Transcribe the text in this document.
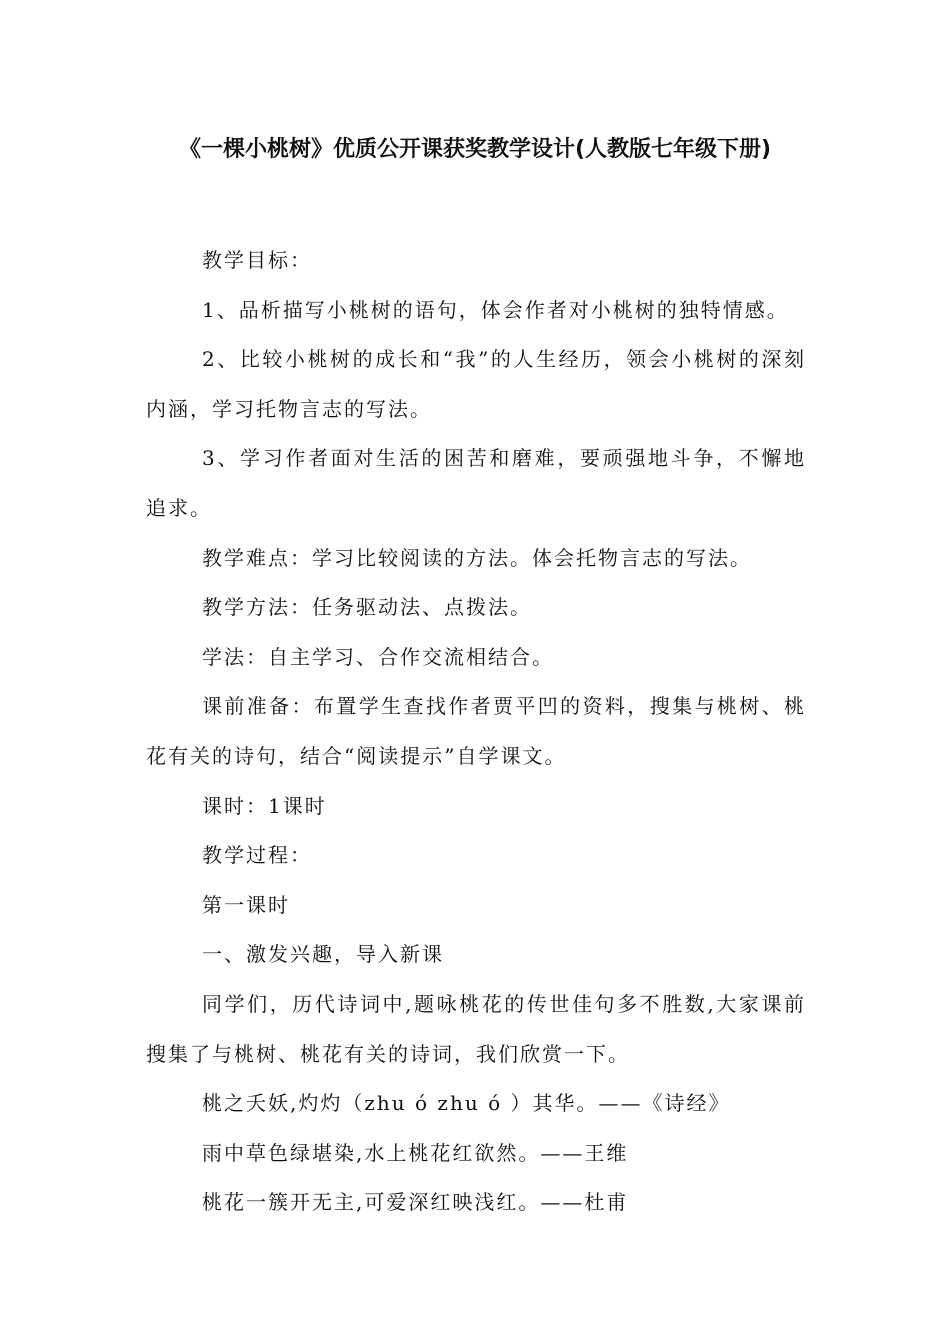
《一棵小桃树》优质公开课获奖教学设计(人教版七年级下册)

教学目标：

1、品析描写小桃树的语句，体会作者对小桃树的独特情感。

2、比较小桃树的成长和“我”的人生经历，领会小桃树的深刻内涵，学习托物言志的写法。

3、学习作者面对生活的困苦和磨难，要顽强地斗争，不懈地追求。

教学难点：学习比较阅读的方法。体会托物言志的写法。

教学方法：任务驱动法、点拨法。

学法：自主学习、合作交流相结合。

课前准备：布置学生查找作者贾平凹的资料，搜集与桃树、桃花有关的诗句，结合“阅读提示”自学课文。

课时：1课时

教学过程：

第一课时

一、激发兴趣，导入新课

同学们，历代诗词中,题咏桃花的传世佳句多不胜数,大家课前搜集了与桃树、桃花有关的诗词，我们欣赏一下。

桃之夭妖,灼灼（zhu ó zhu ó ）其华。——《诗经》

雨中草色绿堪染,水上桃花红欲然。——王维

桃花一簇开无主,可爱深红映浅红。——杜甫
